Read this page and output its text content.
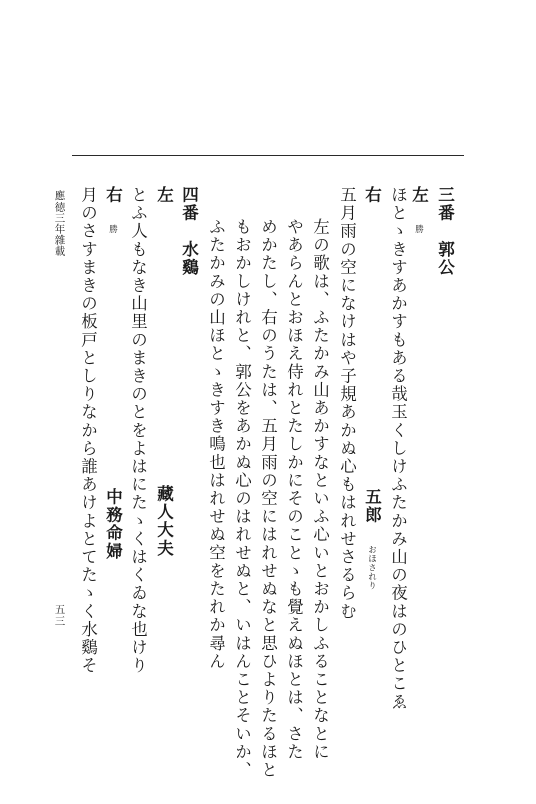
三番　郭公
左 勝
ほとゝきすあかすもある哉玉くしけふたかみ山の夜はのひとこゑ
右
五郎 おほされり
五月雨の空になけはや子規あかぬ心もはれせさるらむ
左の歌は、ふたかみ山あかすなといふ心いとおかしふることなとに
やあらんとおほえ侍れとたしかにそのことゝも覺えぬほとは、さた
めかたし、右のうたは、五月雨の空にはれせぬなと思ひよりたるほと
もおかしけれと、郭公をあかぬ心のはれせぬと、いはんことそいか、
ふたかみの山ほとゝきすき鳴也はれせぬ空をたれか尋ん
四番　水鷄
左
藏人大夫
とふ人もなき山里のまきのとをよはにたゝくはくゐな也けり
右 勝
中務命婦
月のさすまきの板戸としりなから誰あけよとてたゝく水鷄そ
應徳三年雜載
五三
